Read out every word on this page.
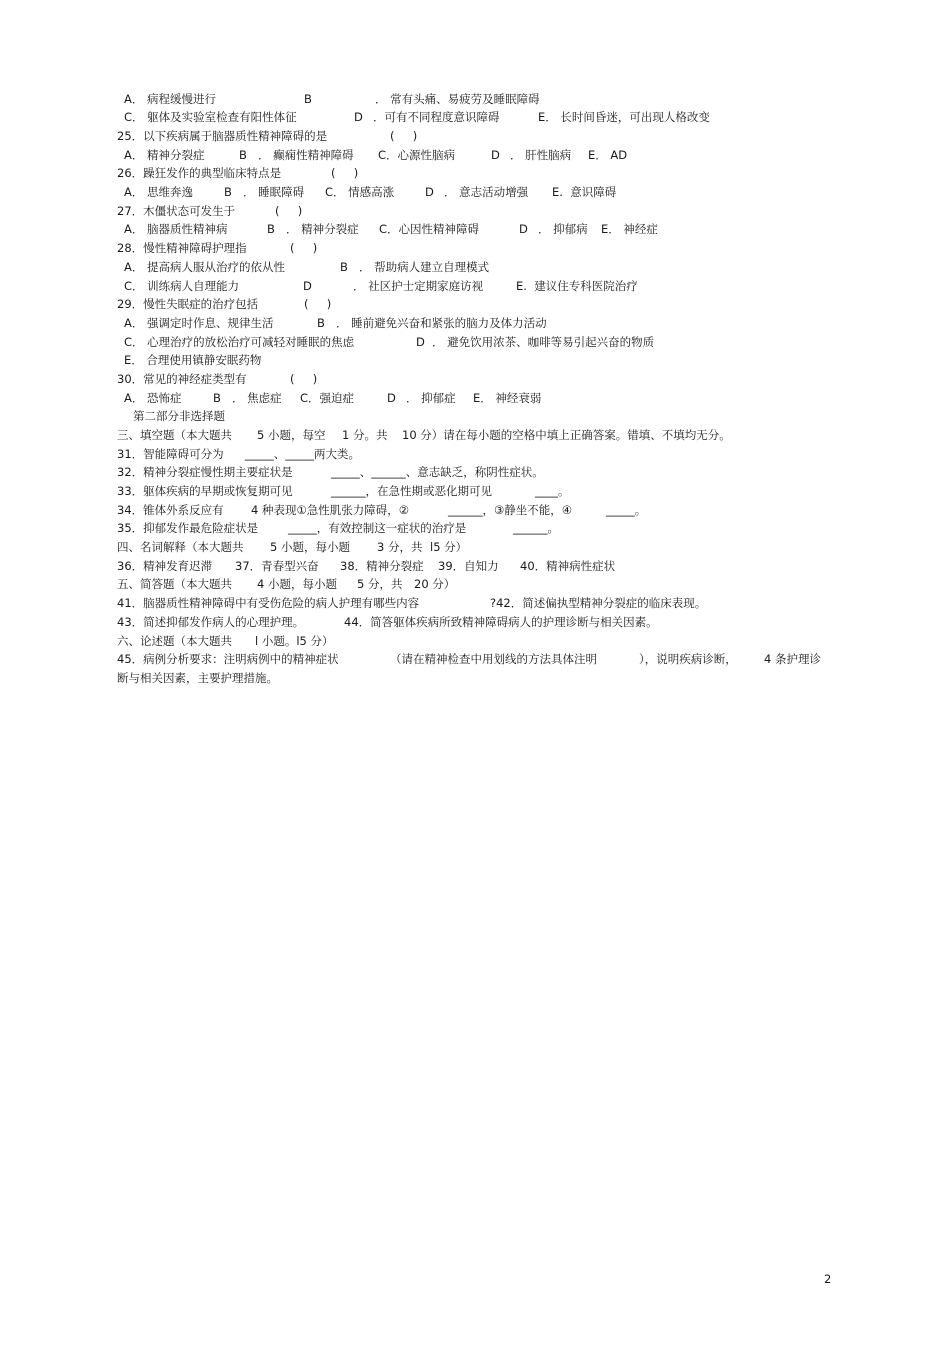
A． 病程缓慢进行	B	． 常有头痛、易疲劳及睡眠障碍
C． 躯体及实验室检查有阳性体征	D ．可有不同程度意识障碍	E． 长时间昏迷，可出现人格改变
25．以下疾病属于脑器质性精神障碍的是	(     )
A． 精神分裂症	B ． 癫痫性精神障碍 C．心源性脑病	D ． 肝性脑病 E． AD
26．躁狂发作的典型临床特点是	(     )
A． 思维奔逸	B ． 睡眠障碍 C． 情感高涨	D ． 意志活动增强 E.  意识障碍
27．木僵状态可发生于	(     )
A． 脑器质性精神病	B ． 精神分裂症 C．心因性精神障碍	D ． 抑郁病 E． 神经症
28．慢性精神障碍护理指	(     )
A． 提高病人服从治疗的依从性	B ． 帮助病人建立自理模式
C． 训练病人自理能力	D	． 社区护士定期家庭访视	E.  建议住专科医院治疗
29．慢性失眠症的治疗包括	(     )
A． 强调定时作息、规律生活	B ． 睡前避免兴奋和紧张的脑力及体力活动
C． 心理治疗的放松治疗可减轻对睡眠的焦虑	D ． 避免饮用浓茶、咖啡等易引起兴奋的物质
E． 合理使用镇静安眠药物
30．常见的神经症类型有	(     )
A． 恐怖症	B ． 焦虑症 C．强迫症	D ． 抑郁症 E． 神经衰弱
第二部分非选择题
三、填空题（本大题共 5 小题，每空 1 分。共 10 分）请在每小题的空格中填上正确答案。错填、不填均无分。
31．智能障碍可分为 _____、_____两大类。
32．精神分裂症慢性期主要症状是	_____、______、意志缺乏，称阴性症状。
33．躯体疾病的早期或恢复期可见	______，在急性期或恶化期可见	____。
34．锥体外系反应有 4 种表现①急性肌张力障碍，②	______，③静坐不能，④	_____。
35．抑郁发作最危险症状是	_____，有效控制这一症状的治疗是	______。
四、名词解释（本大题共 5 小题，每小题 3 分，共 l5 分）
36．精神发育迟滞 37．青春型兴奋 38．精神分裂症 39．自知力 40．精神病性症状
五、简答题（本大题共 4 小题，每小题 5 分，共 20 分）
41．脑器质性精神障碍中有受伤危险的病人护理有哪些内容	?42．简述偏执型精神分裂症的临床表现。
43．简述抑郁发作病人的心理护理。	44．简答躯体疾病所致精神障碍病人的护理诊断与相关因素。
六、论述题（本大题共 l 小题。l5 分）
45．病例分析要求：注明病例中的精神症状	（请在精神检查中用划线的方法具体注明	），说明疾病诊断， 4 条护理诊
断与相关因素，主要护理措施。
2
